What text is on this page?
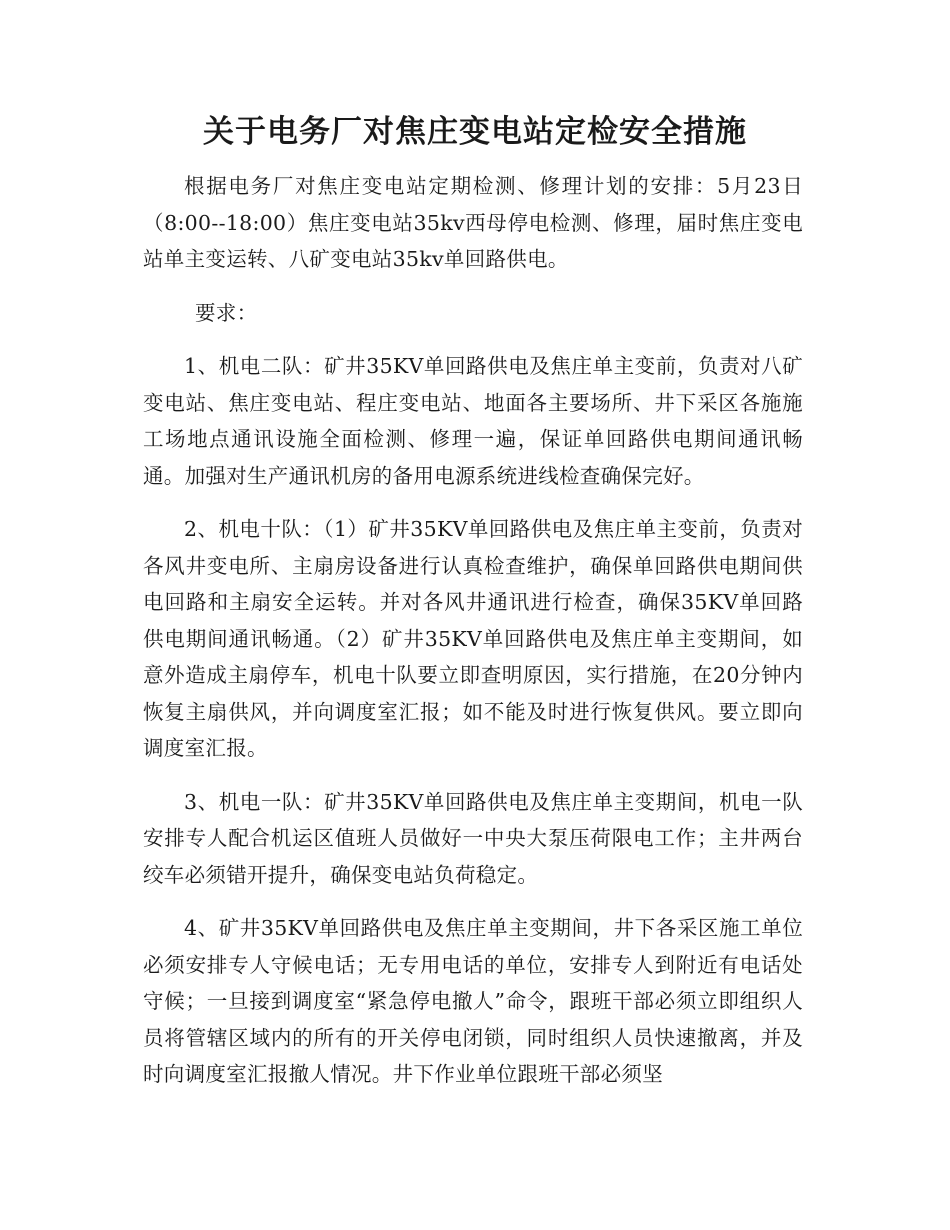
关于电务厂对焦庄变电站定检安全措施

根据电务厂对焦庄变电站定期检测、修理计划的安排：5月23日（8:00--18:00）焦庄变电站35kv西母停电检测、修理，届时焦庄变电站单主变运转、八矿变电站35kv单回路供电。

要求：

1、机电二队：矿井35KV单回路供电及焦庄单主变前，负责对八矿变电站、焦庄变电站、程庄变电站、地面各主要场所、井下采区各施施工场地点通讯设施全面检测、修理一遍，保证单回路供电期间通讯畅通。加强对生产通讯机房的备用电源系统进线检查确保完好。

2、机电十队：（1）矿井35KV单回路供电及焦庄单主变前，负责对各风井变电所、主扇房设备进行认真检查维护，确保单回路供电期间供电回路和主扇安全运转。并对各风井通讯进行检查，确保35KV单回路供电期间通讯畅通。（2）矿井35KV单回路供电及焦庄单主变期间，如意外造成主扇停车，机电十队要立即查明原因，实行措施，在20分钟内恢复主扇供风，并向调度室汇报；如不能及时进行恢复供风。要立即向调度室汇报。

3、机电一队：矿井35KV单回路供电及焦庄单主变期间，机电一队安排专人配合机运区值班人员做好一中央大泵压荷限电工作；主井两台绞车必须错开提升，确保变电站负荷稳定。

4、矿井35KV单回路供电及焦庄单主变期间，井下各采区施工单位必须安排专人守候电话；无专用电话的单位，安排专人到附近有电话处守候；一旦接到调度室“紧急停电撤人”命令，跟班干部必须立即组织人员将管辖区域内的所有的开关停电闭锁，同时组织人员快速撤离，并及时向调度室汇报撤人情况。井下作业单位跟班干部必须坚
